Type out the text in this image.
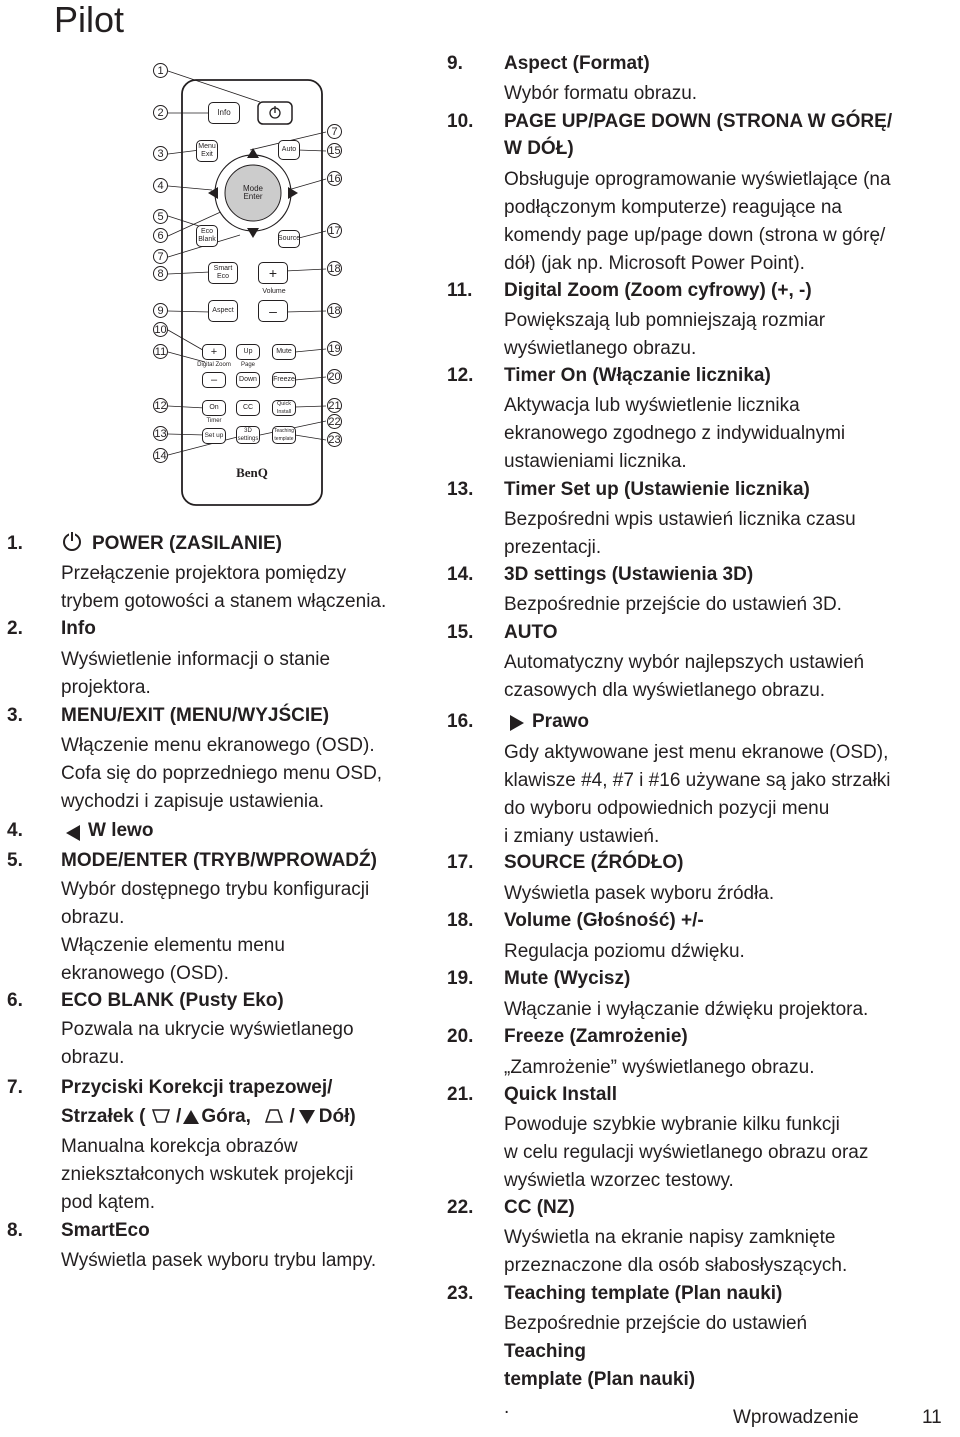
Pilot
1
2
3
4
5
6
7
8
9
10
11
12
13
14
7
15
16
17
18
18
19
20
21
22
23
Info
Menu Exit
Auto
Mode Enter
Eco Blank	Source
Smart Eco	+
Volume
Aspect	–
+
Digital Zoom
–
Up
Page
Down
Mute
Freeze
On
Timer
Set up
CC
3D settings
Quick Install
Teaching template
BenQ
1.	POWER (ZASILANIE)
Przełączenie projektora pomiędzy
trybem gotowości a stanem włączenia.
2. Info
Wyświetlenie informacji o stanie
projektora.
3. MENU/EXIT (MENU/WYJŚCIE)
Włączenie menu ekranowego (OSD).
Cofa się do poprzedniego menu OSD,
wychodzi i zapisuje ustawienia.
4.	W lewo
5. MODE/ENTER (TRYB/WPROWADŹ)
Wybór dostępnego trybu konfiguracji
obrazu.
Włączenie elementu menu
ekranowego (OSD).
6. ECO BLANK (Pusty Eko)
Pozwala na ukrycie wyświetlanego
obrazu.
7. Przyciski Korekcji trapezowej/
Strzałek ( / Góra, / Dół)
Manualna korekcja obrazów
zniekształconych wskutek projekcji
pod kątem.
8. SmartEco
Wyświetla pasek wyboru trybu lampy.
9. Aspect (Format)
Wybór formatu obrazu.
10. PAGE UP/PAGE DOWN (STRONA W GÓRĘ/
W DÓŁ)
Obsługuje oprogramowanie wyświetlające (na
podłączonym komputerze) reagujące na
komendy page up/page down (strona w górę/
dół) (jak np. Microsoft Power Point).
11. Digital Zoom (Zoom cyfrowy) (+, -)
Powiększają lub pomniejszają rozmiar
wyświetlanego obrazu.
12. Timer On (Włączanie licznika)
Aktywacja lub wyświetlenie licznika
ekranowego zgodnego z indywidualnymi
ustawieniami licznika.
13. Timer Set up (Ustawienie licznika)
Bezpośredni wpis ustawień licznika czasu
prezentacji.
14. 3D settings (Ustawienia 3D)
Bezpośrednie przejście do ustawień 3D.
15. AUTO
Automatyczny wybór najlepszych ustawień
czasowych dla wyświetlanego obrazu.
16.	Prawo
Gdy aktywowane jest menu ekranowe (OSD),
klawisze #4, #7 i #16 używane są jako strzałki
do wyboru odpowiednich pozycji menu
i zmiany ustawień.
17. SOURCE (ŹRÓDŁO)
Wyświetla pasek wyboru źródła.
18. Volume (Głośność) +/-
Regulacja poziomu dźwięku.
19. Mute (Wycisz)
Włączanie i wyłączanie dźwięku projektora.
20. Freeze (Zamrożenie)
„Zamrożenie” wyświetlanego obrazu.
21. Quick Install
Powoduje szybkie wybranie kilku funkcji
w celu regulacji wyświetlanego obrazu oraz
wyświetla wzorzec testowy.
22. CC (NZ)
Wyświetla na ekranie napisy zamknięte
przeznaczone dla osób słabosłyszących.
23. Teaching template (Plan nauki)
Bezpośrednie przejście do ustawień
Teaching
template (Plan nauki)
.	Wprowadzenie	11
